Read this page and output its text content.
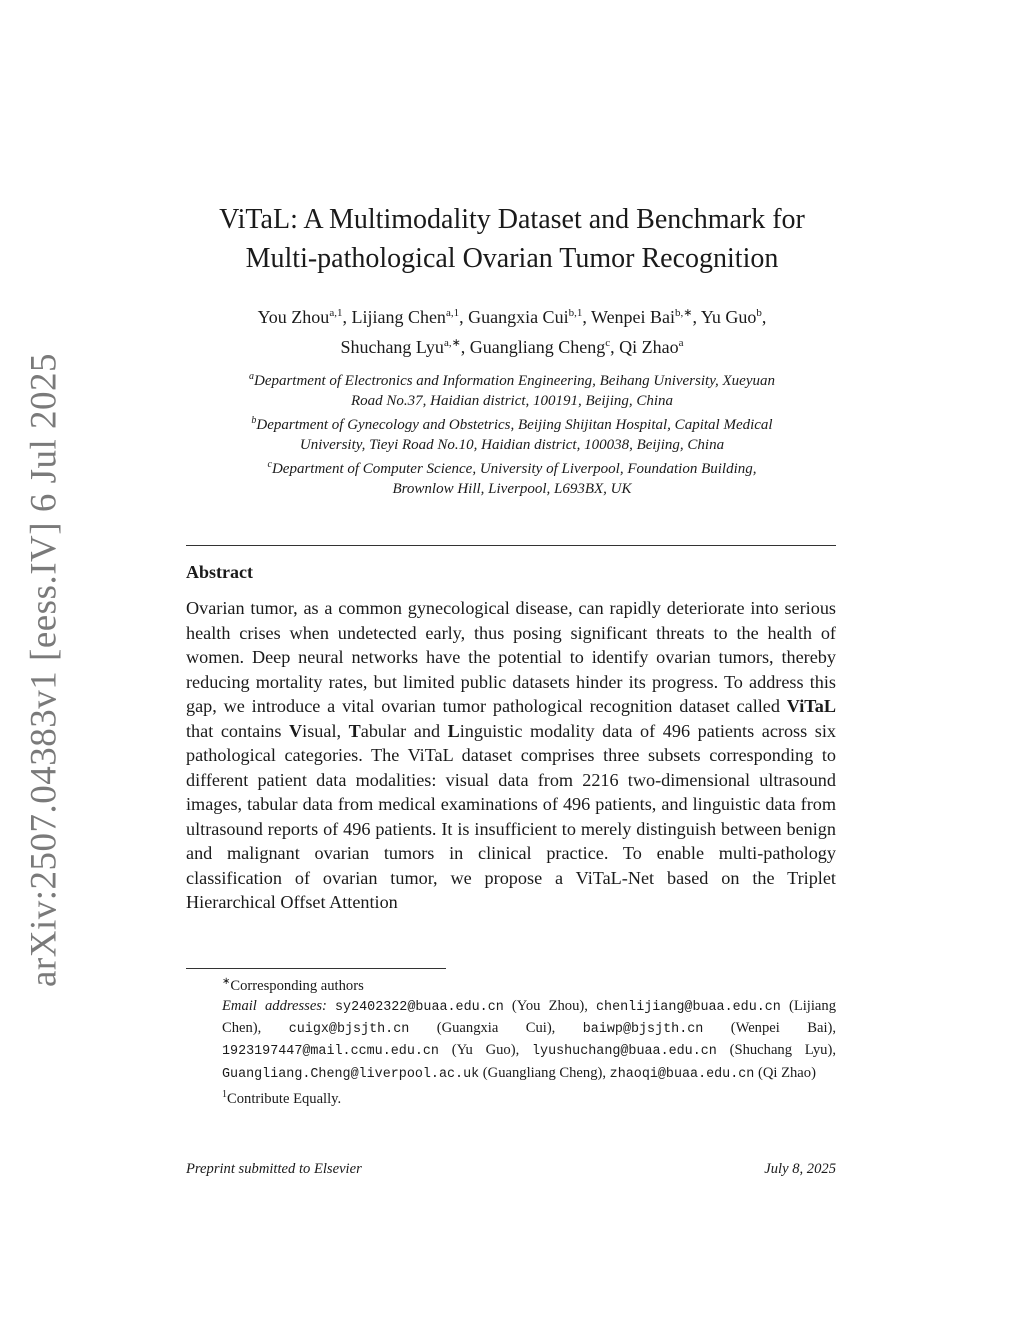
arXiv:2507.04383v1 [eess.IV] 6 Jul 2025
ViTaL: A Multimodality Dataset and Benchmark for
Multi-pathological Ovarian Tumor Recognition
You Zhou$^{a,1}$, Lijiang Chen$^{a,1}$, Guangxia Cui$^{b,1}$, Wenpei Bai$^{b,∗}$, Yu Guo$^b$,
Shuchang Lyu$^{a,∗}$, Guangliang Cheng$^c$, Qi Zhao$^a$
$^a$Department of Electronics and Information Engineering, Beihang University, Xueyuan
Road No.37, Haidian district, 100191, Beijing, China
$^b$Department of Gynecology and Obstetrics, Beijing Shijitan Hospital, Capital Medical
University, Tieyi Road No.10, Haidian district, 100038, Beijing, China
$^c$Department of Computer Science, University of Liverpool, Foundation Building,
Brownlow Hill, Liverpool, L693BX, UK
Abstract
Ovarian tumor, as a common gynecological disease, can rapidly deteriorate into serious health crises when undetected early, thus posing significant threats to the health of women. Deep neural networks have the potential to identify ovarian tumors, thereby reducing mortality rates, but limited public datasets hinder its progress. To address this gap, we introduce a vital ovarian tumor pathological recognition dataset called ViTaL that contains Visual, Tabular and Linguistic modality data of 496 patients across six pathological categories. The ViTaL dataset comprises three subsets corresponding to different patient data modalities: visual data from 2216 two-dimensional ultrasound images, tabular data from medical examinations of 496 patients, and linguistic data from ultrasound reports of 496 patients. It is insufficient to merely distinguish between benign and malignant ovarian tumors in clinical practice. To enable multi-pathology classification of ovarian tumor, we propose a ViTaL-Net based on the Triplet Hierarchical Offset Attention
∗Corresponding authors
Email addresses: sy2402322@buaa.edu.cn (You Zhou), chenlijiang@buaa.edu.cn (Lijiang Chen), cuigx@bjsjth.cn (Guangxia Cui), baiwp@bjsjth.cn (Wenpei Bai), 1923197447@mail.ccmu.edu.cn (Yu Guo), lyushuchang@buaa.edu.cn (Shuchang Lyu), Guangliang.Cheng@liverpool.ac.uk (Guangliang Cheng), zhaoqi@buaa.edu.cn (Qi Zhao)
$^1$Contribute Equally.
Preprint submitted to Elsevier	July 8, 2025
